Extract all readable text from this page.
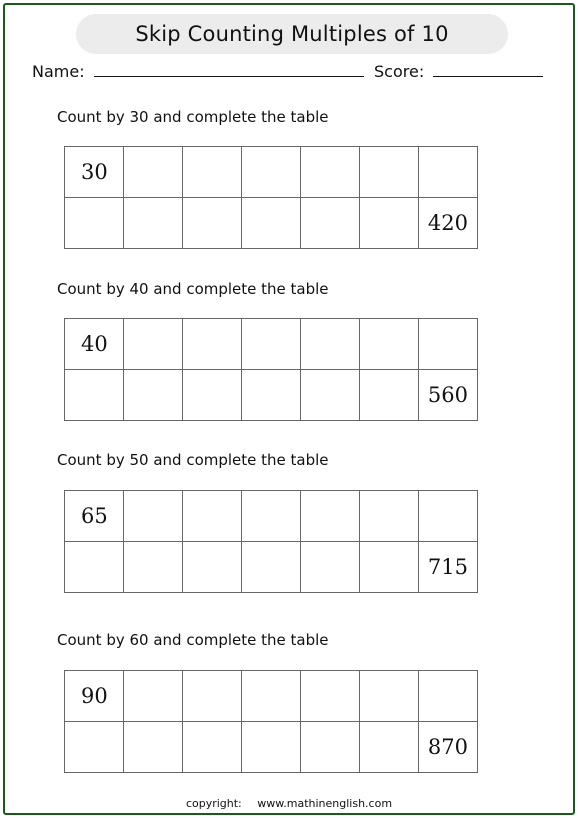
Skip Counting Multiples of 10
Name:	Score:
Count by 30 and complete the table
30						
						420
Count by 40 and complete the table
40						
						560
Count by 50 and complete the table
65						
						715
Count by 60 and complete the table
90						
						870
copyright: www.mathinenglish.com
